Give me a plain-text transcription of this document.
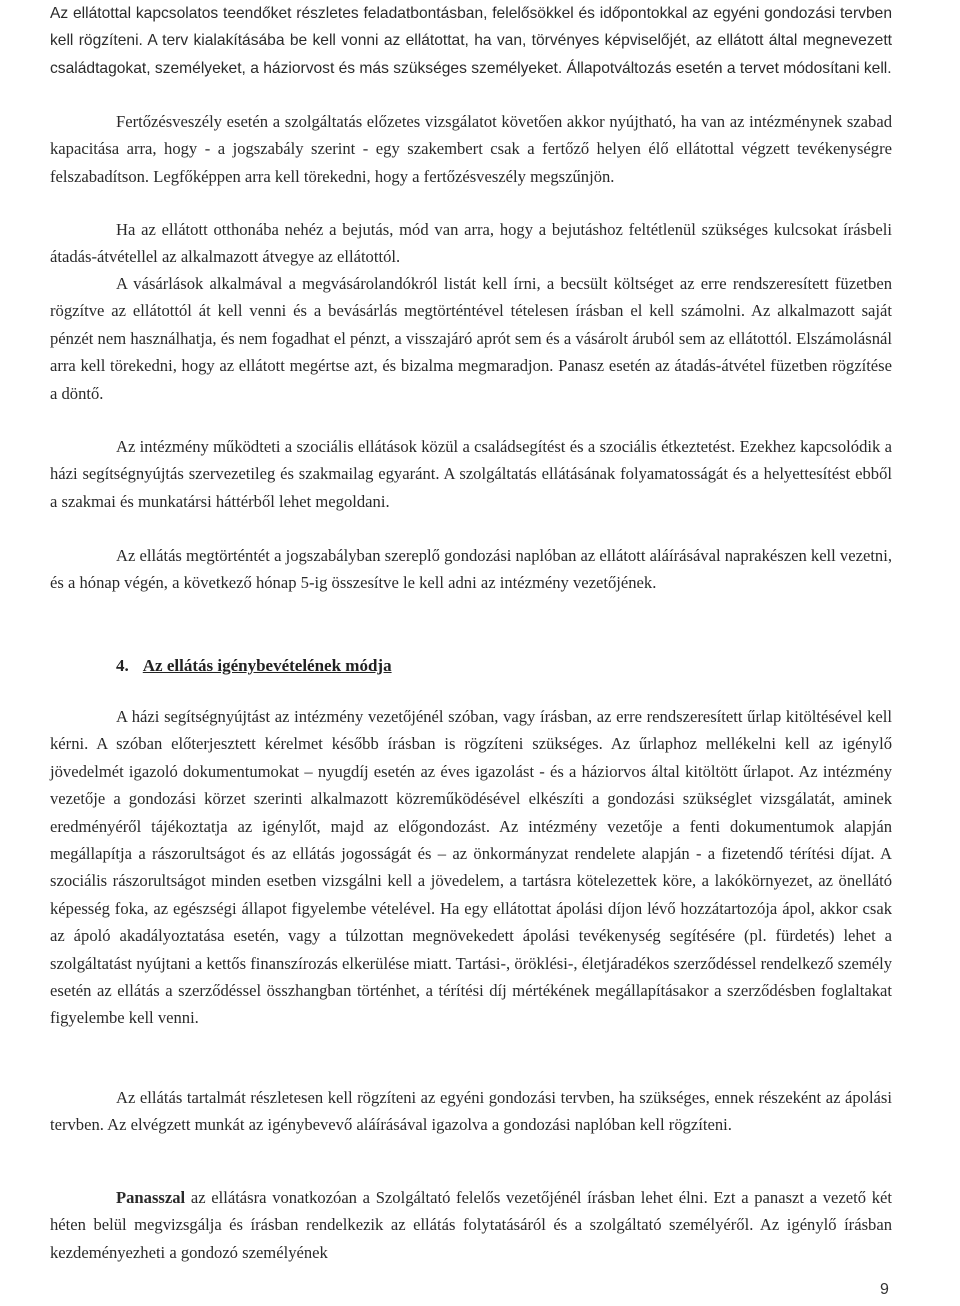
Az ellátottal kapcsolatos teendőket részletes feladatbontásban, felelősökkel és időpontokkal az egyéni gondozási tervben kell rögzíteni. A terv kialakításába be kell vonni az ellátottat, ha van, törvényes képviselőjét, az ellátott által megnevezett családtagokat, személyeket, a háziorvost és más szükséges személyeket. Állapotváltozás esetén a tervet módosítani kell.

Fertőzésveszély esetén a szolgáltatás előzetes vizsgálatot követően akkor nyújtható, ha van az intézménynek szabad kapacitása arra, hogy - a jogszabály szerint - egy szakembert csak a fertőző helyen élő ellátottal végzett tevékenységre felszabadítson. Legfőképpen arra kell törekedni, hogy a fertőzésveszély megszűnjön.

Ha az ellátott otthonába nehéz a bejutás, mód van arra, hogy a bejutáshoz feltétlenül szükséges kulcsokat írásbeli átadás-átvétellel az alkalmazott átvegye az ellátottól.

A vásárlások alkalmával a megvásárolandókról listát kell írni, a becsült költséget az erre rendszeresített füzetben rögzítve az ellátottól át kell venni és a bevásárlás megtörténtével tételesen írásban el kell számolni. Az alkalmazott saját pénzét nem használhatja, és nem fogadhat el pénzt, a visszajáró aprót sem és a vásárolt áruból sem az ellátottól. Elszámolásnál arra kell törekedni, hogy az ellátott megértse azt, és bizalma megmaradjon. Panasz esetén az átadás-átvétel füzetben rögzítése a döntő.

Az intézmény működteti a szociális ellátások közül a családsegítést és a szociális étkeztetést. Ezekhez kapcsolódik a házi segítségnyújtás szervezetileg és szakmailag egyaránt. A szolgáltatás ellátásának folyamatosságát és a helyettesítést ebből a szakmai és munkatársi háttérből lehet megoldani.

Az ellátás megtörténtét a jogszabályban szereplő gondozási naplóban az ellátott aláírásával naprakészen kell vezetni, és a hónap végén, a következő hónap 5-ig összesítve le kell adni az intézmény vezetőjének.

4. Az ellátás igénybevételének módja

A házi segítségnyújtást az intézmény vezetőjénél szóban, vagy írásban, az erre rendszeresített űrlap kitöltésével kell kérni. A szóban előterjesztett kérelmet később írásban is rögzíteni szükséges. Az űrlaphoz mellékelni kell az igénylő jövedelmét igazoló dokumentumokat – nyugdíj esetén az éves igazolást - és a háziorvos által kitöltött űrlapot. Az intézmény vezetője a gondozási körzet szerinti alkalmazott közreműködésével elkészíti a gondozási szükséglet vizsgálatát, aminek eredményéről tájékoztatja az igénylőt, majd az előgondozást. Az intézmény vezetője a fenti dokumentumok alapján megállapítja a rászorultságot és az ellátás jogosságát és – az önkormányzat rendelete alapján - a fizetendő térítési díjat. A szociális rászorultságot minden esetben vizsgálni kell a jövedelem, a tartásra kötelezettek köre, a lakókörnyezet, az önellátó képesség foka, az egészségi állapot figyelembe vételével. Ha egy ellátottat ápolási díjon lévő hozzátartozója ápol, akkor csak az ápoló akadályoztatása esetén, vagy a túlzottan megnövekedett ápolási tevékenység segítésére (pl. fürdetés) lehet a szolgáltatást nyújtani a kettős finanszírozás elkerülése miatt. Tartási-, öröklési-, életjáradékos szerződéssel rendelkező személy esetén az ellátás a szerződéssel összhangban történhet, a térítési díj mértékének megállapításakor a szerződésben foglaltakat figyelembe kell venni.

Az ellátás tartalmát részletesen kell rögzíteni az egyéni gondozási tervben, ha szükséges, ennek részeként az ápolási tervben. Az elvégzett munkát az igénybevevő aláírásával igazolva a gondozási naplóban kell rögzíteni.

Panasszal az ellátásra vonatkozóan a Szolgáltató felelős vezetőjénél írásban lehet élni. Ezt a panaszt a vezető két héten belül megvizsgálja és írásban rendelkezik az ellátás folytatásáról és a szolgáltató személyéről. Az igénylő írásban kezdeményezheti a gondozó személyének

9
